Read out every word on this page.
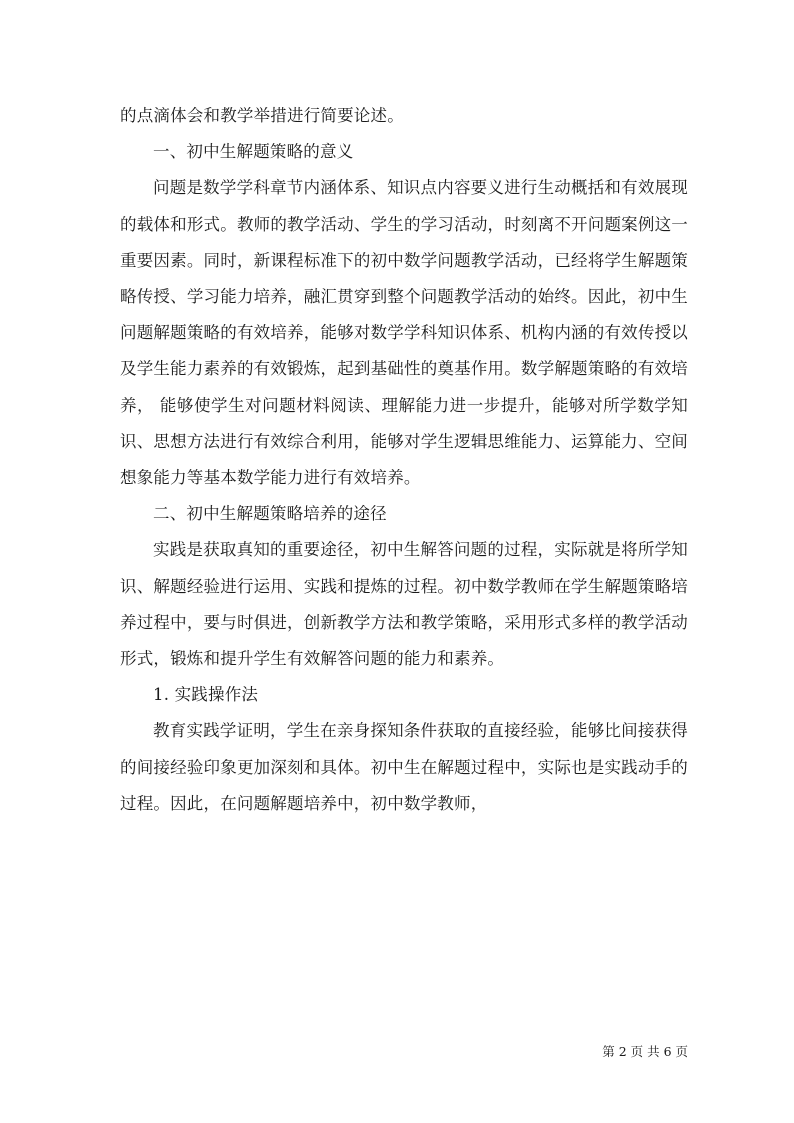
的点滴体会和教学举措进行简要论述。

一、初中生解题策略的意义

问题是数学学科章节内涵体系、知识点内容要义进行生动概括和有效展现的载体和形式。教师的教学活动、学生的学习活动，时刻离不开问题案例这一重要因素。同时，新课程标准下的初中数学问题教学活动，已经将学生解题策略传授、学习能力培养，融汇贯穿到整个问题教学活动的始终。因此，初中生问题解题策略的有效培养，能够对数学学科知识体系、机构内涵的有效传授以及学生能力素养的有效锻炼，起到基础性的奠基作用。数学解题策略的有效培养， 能够使学生对问题材料阅读、理解能力进一步提升，能够对所学数学知识、思想方法进行有效综合利用，能够对学生逻辑思维能力、运算能力、空间想象能力等基本数学能力进行有效培养。

二、初中生解题策略培养的途径

实践是获取真知的重要途径，初中生解答问题的过程，实际就是将所学知识、解题经验进行运用、实践和提炼的过程。初中数学教师在学生解题策略培养过程中，要与时俱进，创新教学方法和教学策略，采用形式多样的教学活动形式，锻炼和提升学生有效解答问题的能力和素养。

1. 实践操作法

教育实践学证明，学生在亲身探知条件获取的直接经验，能够比间接获得的间接经验印象更加深刻和具体。初中生在解题过程中，实际也是实践动手的过程。因此，在问题解题培养中，初中数学教师，

第 2 页 共 6 页
